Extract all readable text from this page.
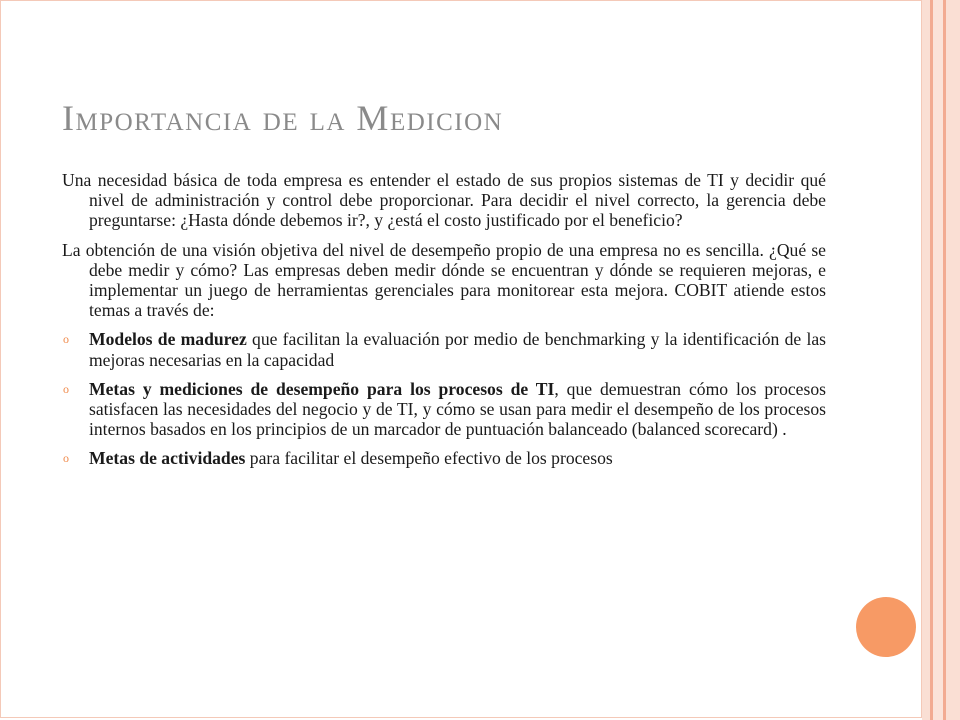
Importancia de la Medicion

Una necesidad básica de toda empresa es entender el estado de sus propios sistemas de TI y decidir qué nivel de administración y control debe proporcionar. Para decidir el nivel correcto, la gerencia debe preguntarse: ¿Hasta dónde debemos ir?, y ¿está el costo justificado por el beneficio?

La obtención de una visión objetiva del nivel de desempeño propio de una empresa no es sencilla. ¿Qué se debe medir y cómo? Las empresas deben medir dónde se encuentran y dónde se requieren mejoras, e implementar un juego de herramientas gerenciales para monitorear esta mejora. COBIT atiende estos temas a través de:

o Modelos de madurez que facilitan la evaluación por medio de benchmarking y la identificación de las mejoras necesarias en la capacidad
o Metas y mediciones de desempeño para los procesos de TI, que demuestran cómo los procesos satisfacen las necesidades del negocio y de TI, y cómo se usan para medir el desempeño de los procesos internos basados en los principios de un marcador de puntuación balanceado (balanced scorecard) .
o Metas de actividades para facilitar el desempeño efectivo de los procesos
